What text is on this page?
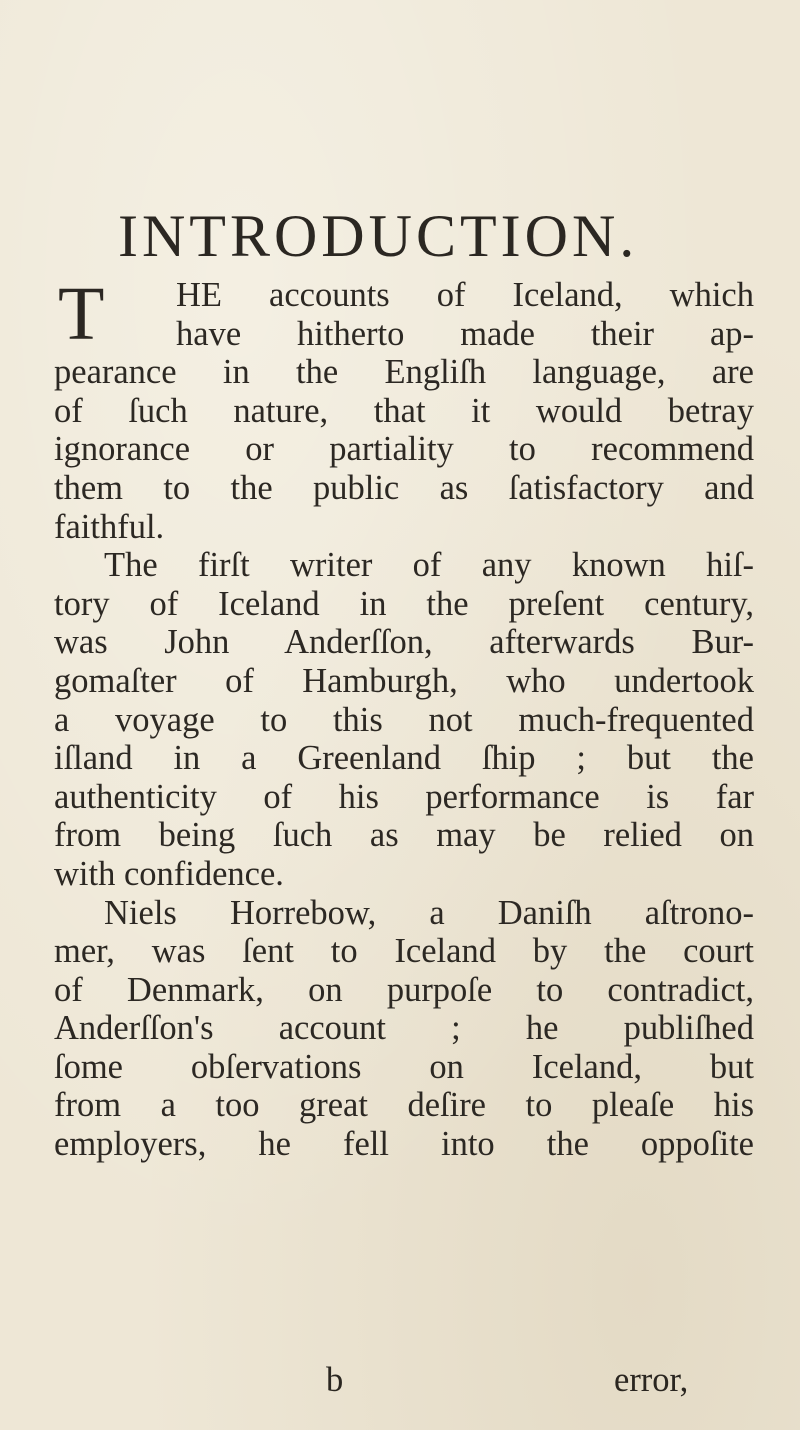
INTRODUCTION.
T	HE accounts of Iceland, which
have hitherto made their ap-
pearance in the Engliſh language, are
of ſuch nature, that it would betray
ignorance or partiality to recommend
them to the public as ſatisfactory and
faithful.
The firſt writer of any known hiſ-
tory of Iceland in the preſent century,
was John Anderſſon, afterwards Bur-
gomaſter of Hamburgh, who undertook
a voyage to this not much-frequented
iſland in a Greenland ſhip ; but the
authenticity of his performance is far
from being ſuch as may be relied on
with confidence.
Niels Horrebow, a Daniſh aſtrono-
mer, was ſent to Iceland by the court
of Denmark, on purpoſe to contradict,
Anderſſon's account ; he publiſhed
ſome obſervations on Iceland, but
from a too great deſire to pleaſe his
employers, he fell into the oppoſite
b	error,
